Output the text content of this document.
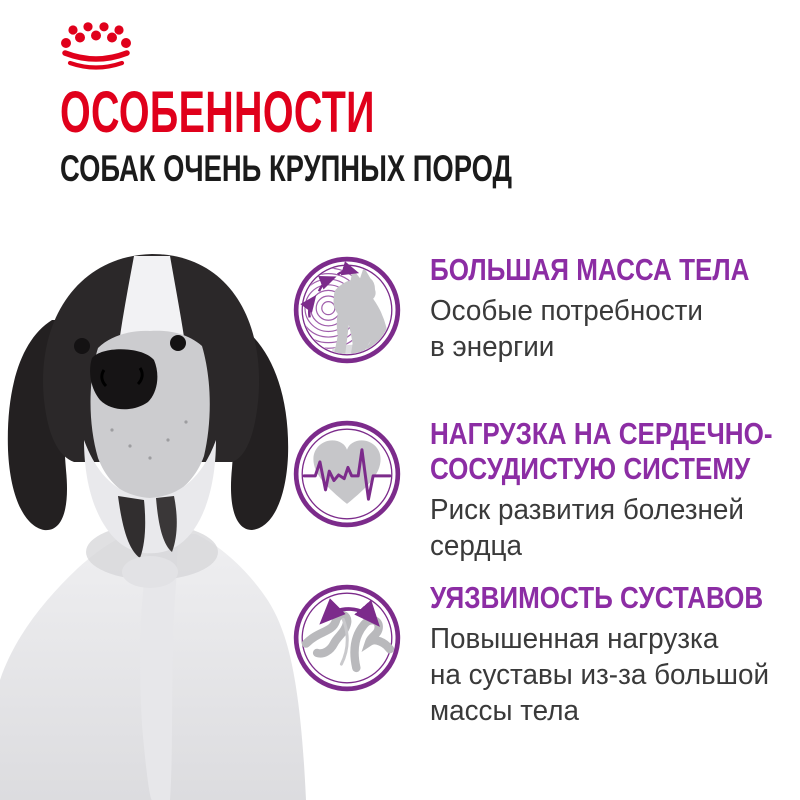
ОСОБЕННОСТИ
СОБАК ОЧЕНЬ КРУПНЫХ ПОРОД
БОЛЬШАЯ МАССА ТЕЛА
Особые потребности
в энергии
НАГРУЗКА НА СЕРДЕЧНО-
СОСУДИСТУЮ СИСТЕМУ
Риск развития болезней
сердца
УЯЗВИМОСТЬ СУСТАВОВ
Повышенная нагрузка
на суставы из-за большой
массы тела
